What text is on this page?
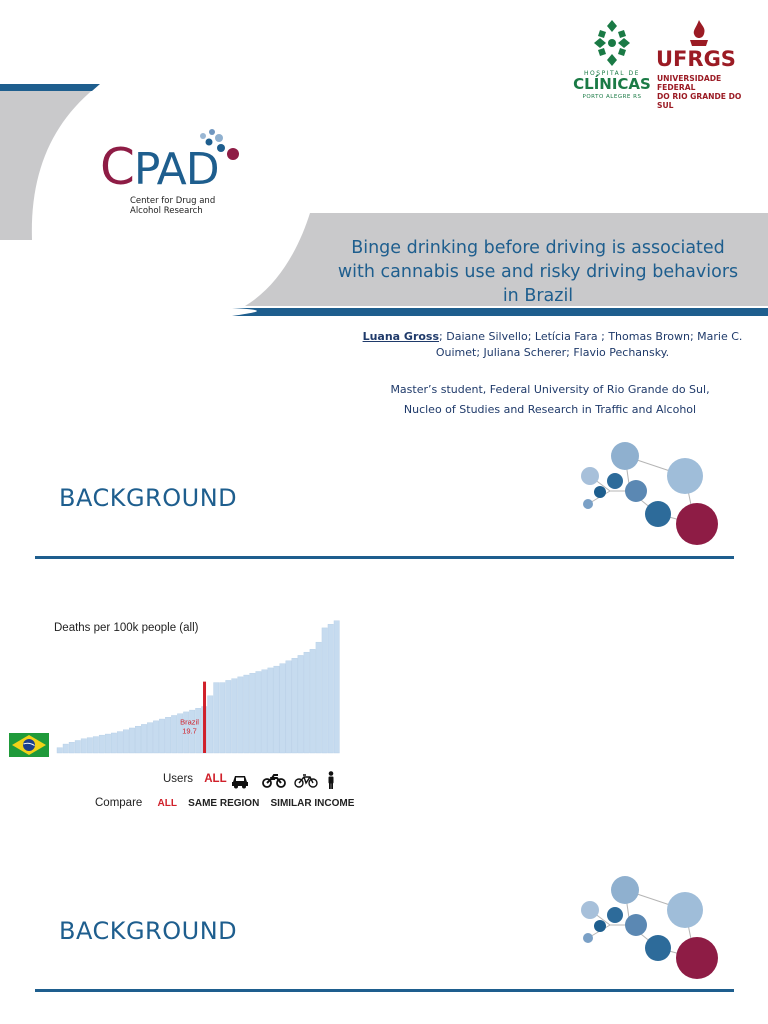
CPAD
Center for Drug and
Alcohol Research
HOSPITAL DE
CLÍNICAS
PORTO ALEGRE RS
UFRGS
UNIVERSIDADE FEDERAL
DO RIO GRANDE DO SUL
Binge drinking before driving is associated
with cannabis use and risky driving behaviors
in Brazil
Luana Gross; Daiane Silvello; Letícia Fara ; Thomas Brown; Marie C.
Ouimet; Juliana Scherer; Flavio Pechansky.
Master’s student, Federal University of Rio Grande do Sul,
Nucleo of Studies and Research in Traffic and Alcohol
BACKGROUND
Deaths per 100k people (all)
Brazil
19.7
Users ALL
Compare ALL SAME REGION SIMILAR INCOME
BACKGROUND
